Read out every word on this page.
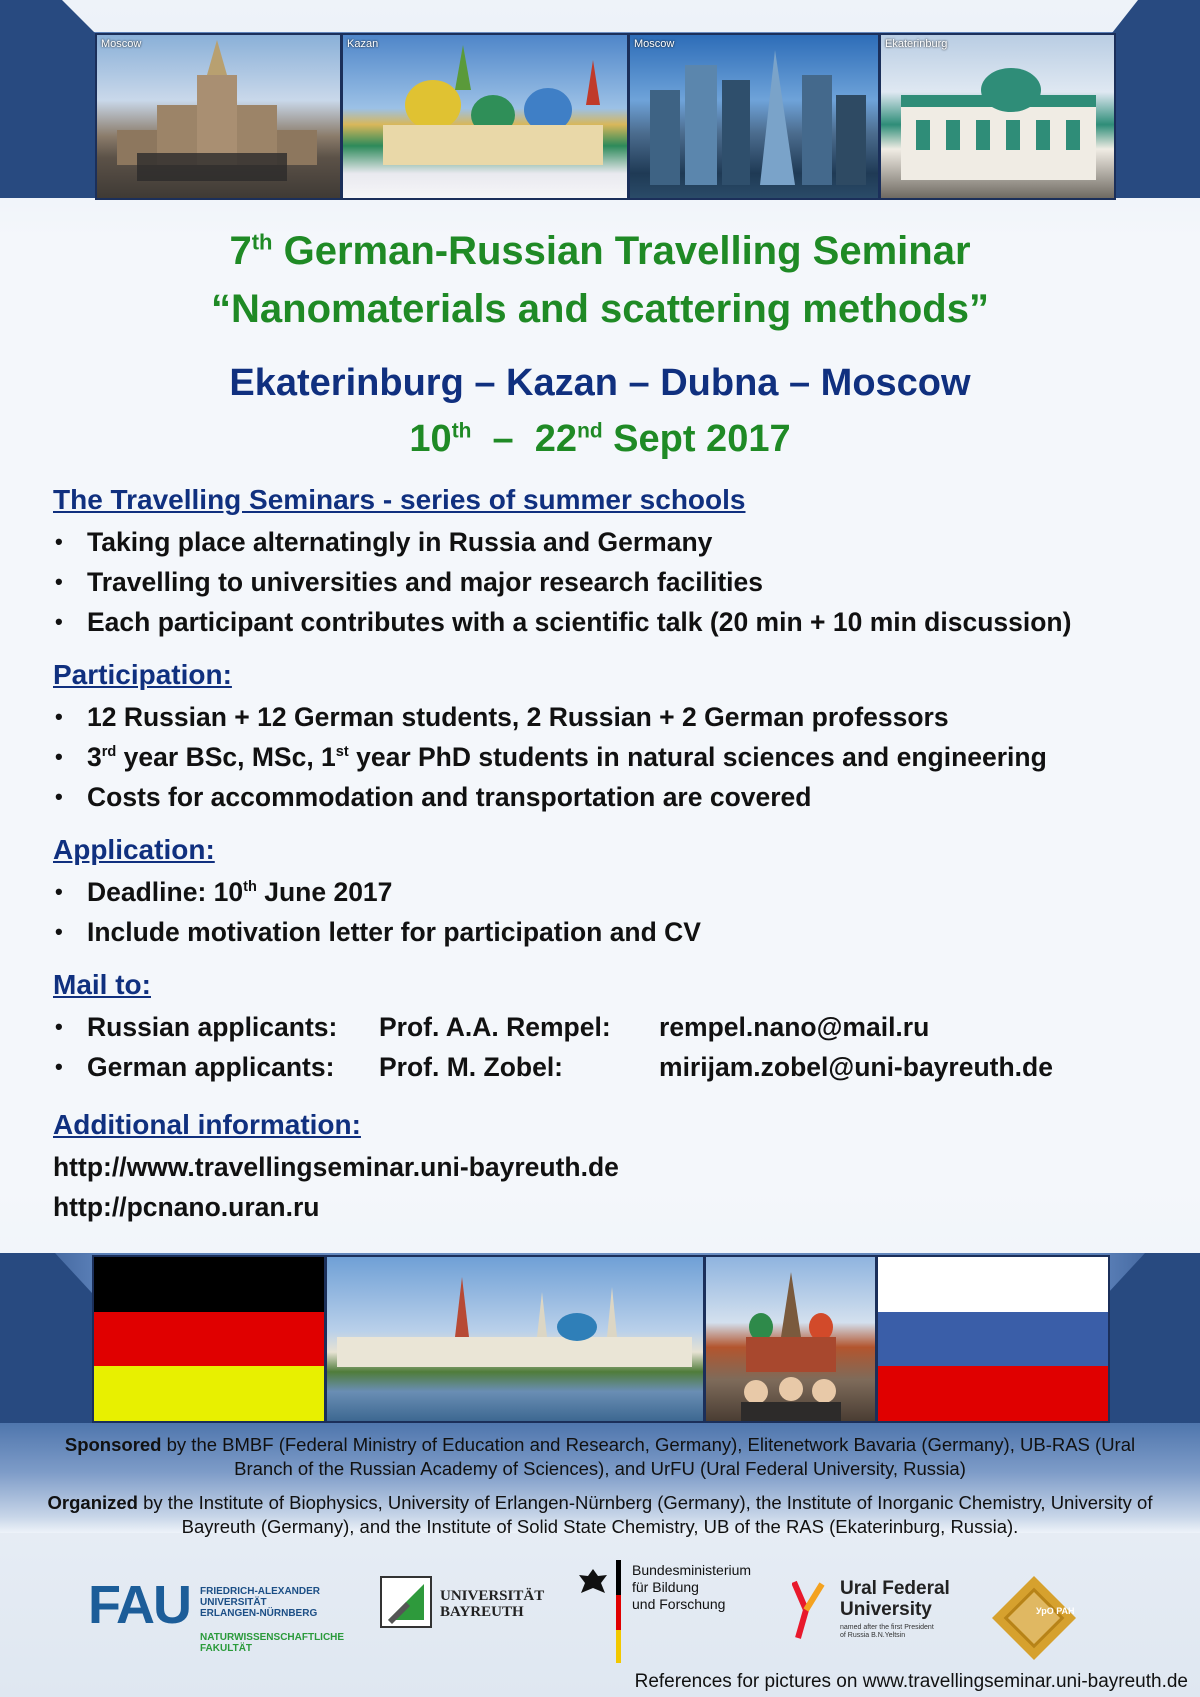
Moscow	Kazan	Moscow	Ekaterinburg
7th German-Russian Travelling Seminar
“Nanomaterials and scattering methods”

Ekaterinburg – Kazan – Dubna – Moscow

10th  –  22nd Sept 2017

The Travelling Seminars - series of summer schools

• Taking place alternatingly in Russia and Germany
• Travelling to universities and major research facilities
• Each participant contributes with a scientific talk (20 min + 10 min discussion)

Participation:

• 12 Russian + 12 German students, 2 Russian + 2 German professors
• 3rd year BSc, MSc, 1st year PhD students in natural sciences and engineering
• Costs for accommodation and transportation are covered

Application:

• Deadline: 10th June 2017
• Include motivation letter for participation and CV

Mail to:

• Russian applicants: Prof. A.A. Rempel: rempel.nano@mail.ru
• German applicants: Prof. M. Zobel:	mirijam.zobel@uni-bayreuth.de

Additional information:

http://www.travellingseminar.uni-bayreuth.de
http://pcnano.uran.ru

Sponsored by the BMBF (Federal Ministry of Education and Research, Germany), Elitenetwork Bavaria (Germany), UB-RAS (Ural Branch of the Russian Academy of Sciences), and UrFU (Ural Federal University, Russia)

Organized by the Institute of Biophysics, University of Erlangen-Nürnberg (Germany), the Institute of Inorganic Chemistry, University of Bayreuth (Germany), and the Institute of Solid State Chemistry, UB of the RAS (Ekaterinburg, Russia).

FAU FRIEDRICH-ALEXANDER
UNIVERSITÄT
ERLANGEN-NÜRNBERG
NATURWISSENSCHAFTLICHE
FAKULTÄT
UNIVERSITÄT
BAYREUTH
Bundesministerium
für Bildung
und Forschung
Ural Federal
University
named after the first President
of Russia B.N.Yeltsin
УрО РАН

References for pictures on www.travellingseminar.uni-bayreuth.de
